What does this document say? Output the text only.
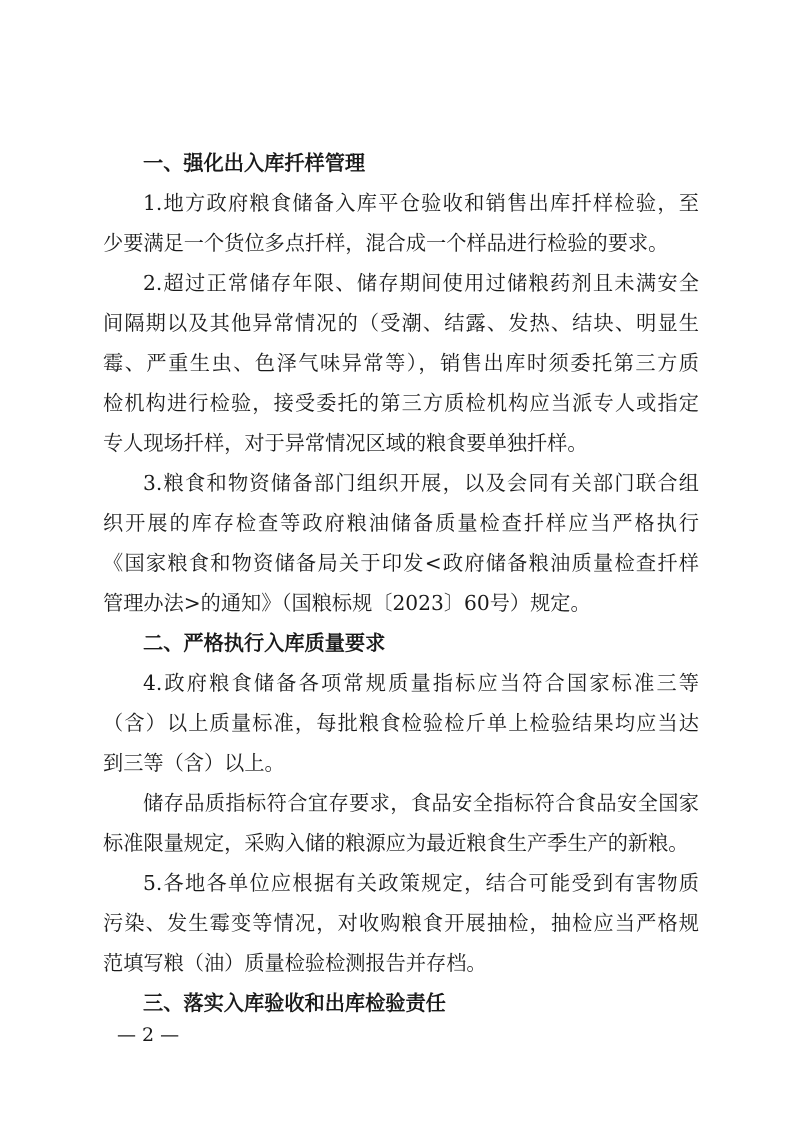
一、强化出入库扦样管理
1.地方政府粮食储备入库平仓验收和销售出库扦样检验，至
少要满足一个货位多点扦样，混合成一个样品进行检验的要求。
2.超过正常储存年限、储存期间使用过储粮药剂且未满安全
间隔期以及其他异常情况的（受潮、结露、发热、结块、明显生
霉、严重生虫、色泽气味异常等），销售出库时须委托第三方质
检机构进行检验，接受委托的第三方质检机构应当派专人或指定
专人现场扦样，对于异常情况区域的粮食要单独扦样。
3.粮食和物资储备部门组织开展，以及会同有关部门联合组
织开展的库存检查等政府粮油储备质量检查扦样应当严格执行
《国家粮食和物资储备局关于印发<政府储备粮油质量检查扦样
管理办法>的通知》（国粮标规〔2023〕60号）规定。
二、严格执行入库质量要求
4.政府粮食储备各项常规质量指标应当符合国家标准三等
（含）以上质量标准，每批粮食检验检斤单上检验结果均应当达
到三等（含）以上。
储存品质指标符合宜存要求，食品安全指标符合食品安全国家
标准限量规定，采购入储的粮源应为最近粮食生产季生产的新粮。
5.各地各单位应根据有关政策规定，结合可能受到有害物质
污染、发生霉变等情况，对收购粮食开展抽检，抽检应当严格规
范填写粮（油）质量检验检测报告并存档。
三、落实入库验收和出库检验责任
— 2 —
